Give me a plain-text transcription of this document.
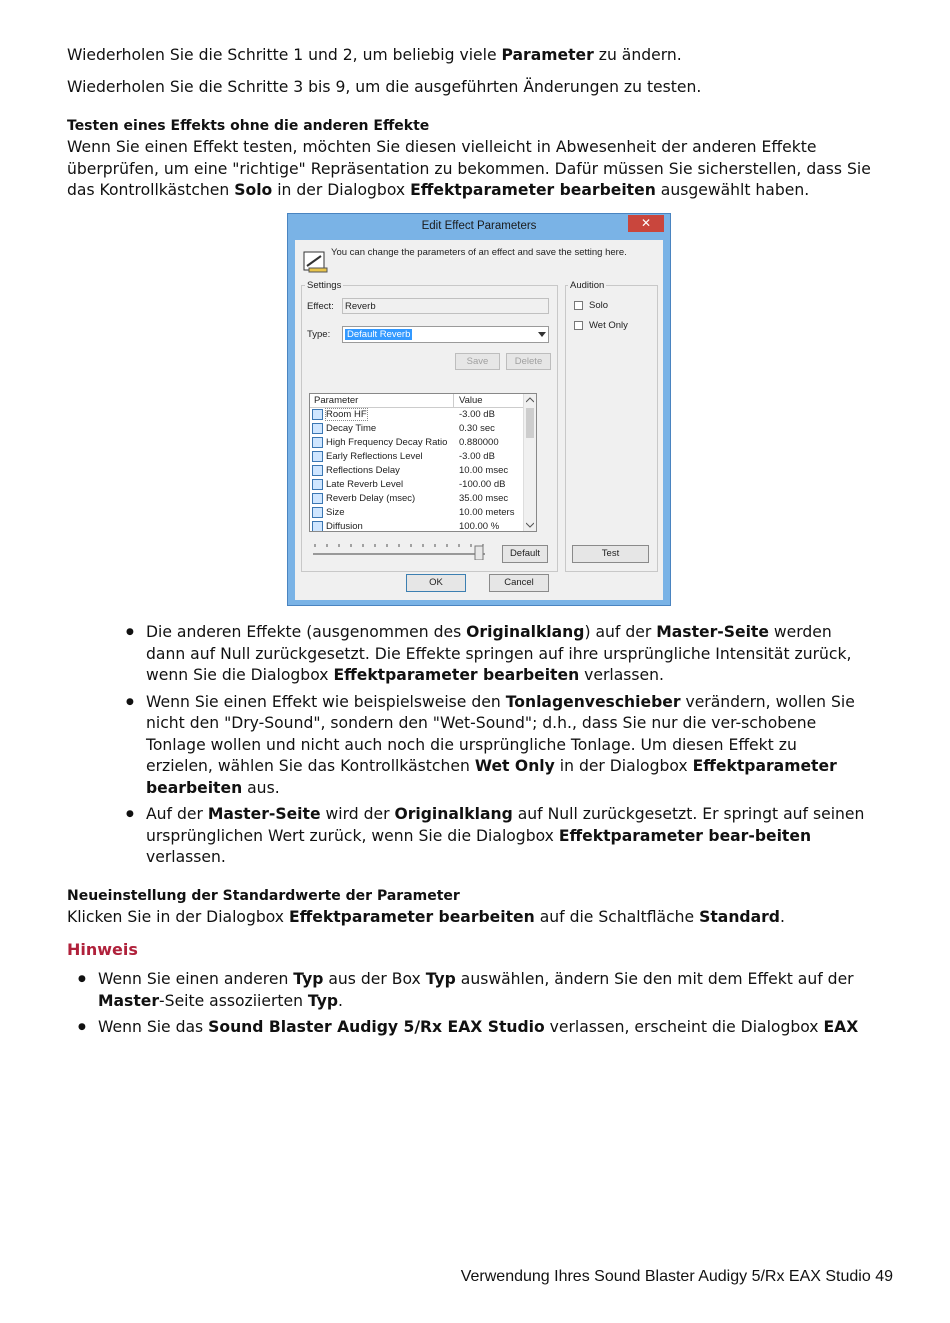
Wiederholen Sie die Schritte 1 und 2, um beliebig viele Parameter zu ändern.
Wiederholen Sie die Schritte 3 bis 9, um die ausgeführten Änderungen zu testen.
Testen eines Effekts ohne die anderen Effekte
Wenn Sie einen Effekt testen, möchten Sie diesen vielleicht in Abwesenheit der anderen Effekte überprüfen, um eine "richtige" Repräsentation zu bekommen. Dafür müssen Sie sicherstellen, dass Sie das Kontrollkästchen Solo in der Dialogbox Effektparameter bearbeiten ausgewählt haben.
Edit Effect Parameters	✕
You can change the parameters of an effect and save the setting here.
Settings
Effect: Reverb
Type: Default Reverb
Save	Delete
Parameter	Value
Room HF	-3.00 dB
Decay Time	0.30 sec
High Frequency Decay Ratio 0.880000
Early Reflections Level	-3.00 dB
Reflections Delay	10.00 msec
Late Reverb Level	-100.00 dB
Reverb Delay (msec)	35.00 msec
Size	10.00 meters
Diffusion	100.00 %
Default
Audition
Solo
Wet Only
Test
OK	Cancel
● Die anderen Effekte (ausgenommen des Originalklang) auf der Master-Seite werden dann auf Null zurückgesetzt. Die Effekte springen auf ihre ursprüngliche Intensität zurück, wenn Sie die Dialogbox Effektparameter bearbeiten verlassen.
● Wenn Sie einen Effekt wie beispielsweise den Tonlagenveschieber verändern, wollen Sie nicht den "Dry-Sound", sondern den "Wet-Sound"; d.h., dass Sie nur die ver-schobene Tonlage wollen und nicht auch noch die ursprüngliche Tonlage. Um diesen Effekt zu erzielen, wählen Sie das Kontrollkästchen Wet Only in der Dialogbox Effektparameter bearbeiten aus.
● Auf der Master-Seite wird der Originalklang auf Null zurückgesetzt. Er springt auf seinen ursprünglichen Wert zurück, wenn Sie die Dialogbox Effektparameter bear-beiten verlassen.
Neueinstellung der Standardwerte der Parameter
Klicken Sie in der Dialogbox Effektparameter bearbeiten auf die Schaltfläche Standard.
Hinweis
● Wenn Sie einen anderen Typ aus der Box Typ auswählen, ändern Sie den mit dem Effekt auf der Master-Seite assoziierten Typ.
● Wenn Sie das Sound Blaster Audigy 5/Rx EAX Studio verlassen, erscheint die Dialogbox EAX
Verwendung Ihres Sound Blaster Audigy 5/Rx EAX Studio 49
